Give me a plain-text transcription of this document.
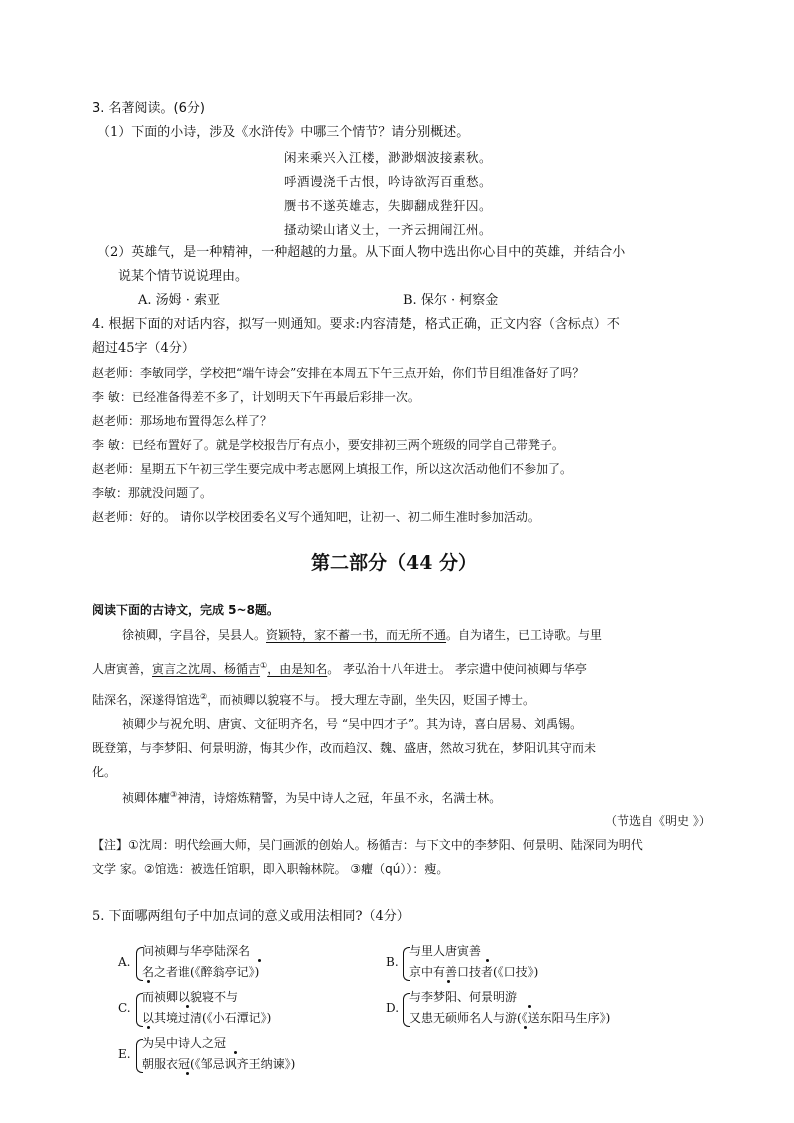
3. 名著阅读。(6分)
（1）下面的小诗，涉及《水浒传》中哪三个情节？请分别概述。
闲来乘兴入江楼，渺渺烟波接素秋。
呼酒谩浇千古恨，吟诗欲泻百重愁。
赝书不遂英雄志，失脚翻成狴犴囚。
搔动梁山诸义士，一齐云拥闹江州。
（2）英雄气，是一种精神，一种超越的力量。从下面人物中选出你心目中的英雄，并结合小
说某个情节说说理由。
A. 汤姆 · 索亚	B. 保尔 · 柯察金
4. 根据下面的对话内容，拟写一则通知。要求:内容清楚，格式正确，正文内容（含标点）不
超过45字（4分）
赵老师：李敏同学，学校把“端午诗会”安排在本周五下午三点开始，你们节目组准备好了吗？
李 敏：已经准备得差不多了，计划明天下午再最后彩排一次。
赵老师：那场地布置得怎么样了？
李 敏：已经布置好了。就是学校报告厅有点小，要安排初三两个班级的同学自己带凳子。
赵老师：星期五下午初三学生要完成中考志愿网上填报工作，所以这次活动他们不参加了。
李敏：那就没问题了。
赵老师：好的。 请你以学校团委名义写个通知吧，让初一、初二师生准时参加活动。
第二部分（44 分）
阅读下面的古诗文，完成 5~8题。
徐祯卿，字昌谷，吴县人。资颖特，家不蓄一书，而无所不通。自为诸生，已工诗歌。与里
人唐寅善，寅言之沈周、杨循吉①，由是知名。 孝弘治十八年进士。 孝宗遣中使问祯卿与华亭
陆深名，深遂得馆选②，而祯卿以貌寝不与。 授大理左寺副，坐失囚，贬国子博士。
祯卿少与祝允明、唐寅、文征明齐名，号 “吴中四才子”。其为诗，喜白居易、刘禹锡。
既登第，与李梦阳、何景明游，悔其少作，改而趋汉、魏、盛唐，然故习犹在，梦阳讥其守而未
化。
祯卿体癯③神清，诗熔炼精警，为吴中诗人之冠，年虽不永，名满士林。
（节选自《明史 》）
【注】①沈周：明代绘画大师，吴门画派的创始人。杨循吉：与下文中的李梦阳、何景明、陆深同为明代
文学 家。②馆选：被选任馆职，即入职翰林院。 ③癯（qú））：瘦。
5. 下面哪两组句子中加点词的意义或用法相同?（4分）
A.
问祯卿与华亭陆深名
名之者谁(《醉翁亭记》)
B.
与里人唐寅善
京中有善口技者(《口技》)
C.
而祯卿以貌寝不与
以其境过清(《小石潭记》)
D.
与李梦阳、何景明游
又患无硕师名人与游(《送东阳马生序》)
E.
为吴中诗人之冠
朝服衣冠(《邹忌讽齐王纳谏》)
